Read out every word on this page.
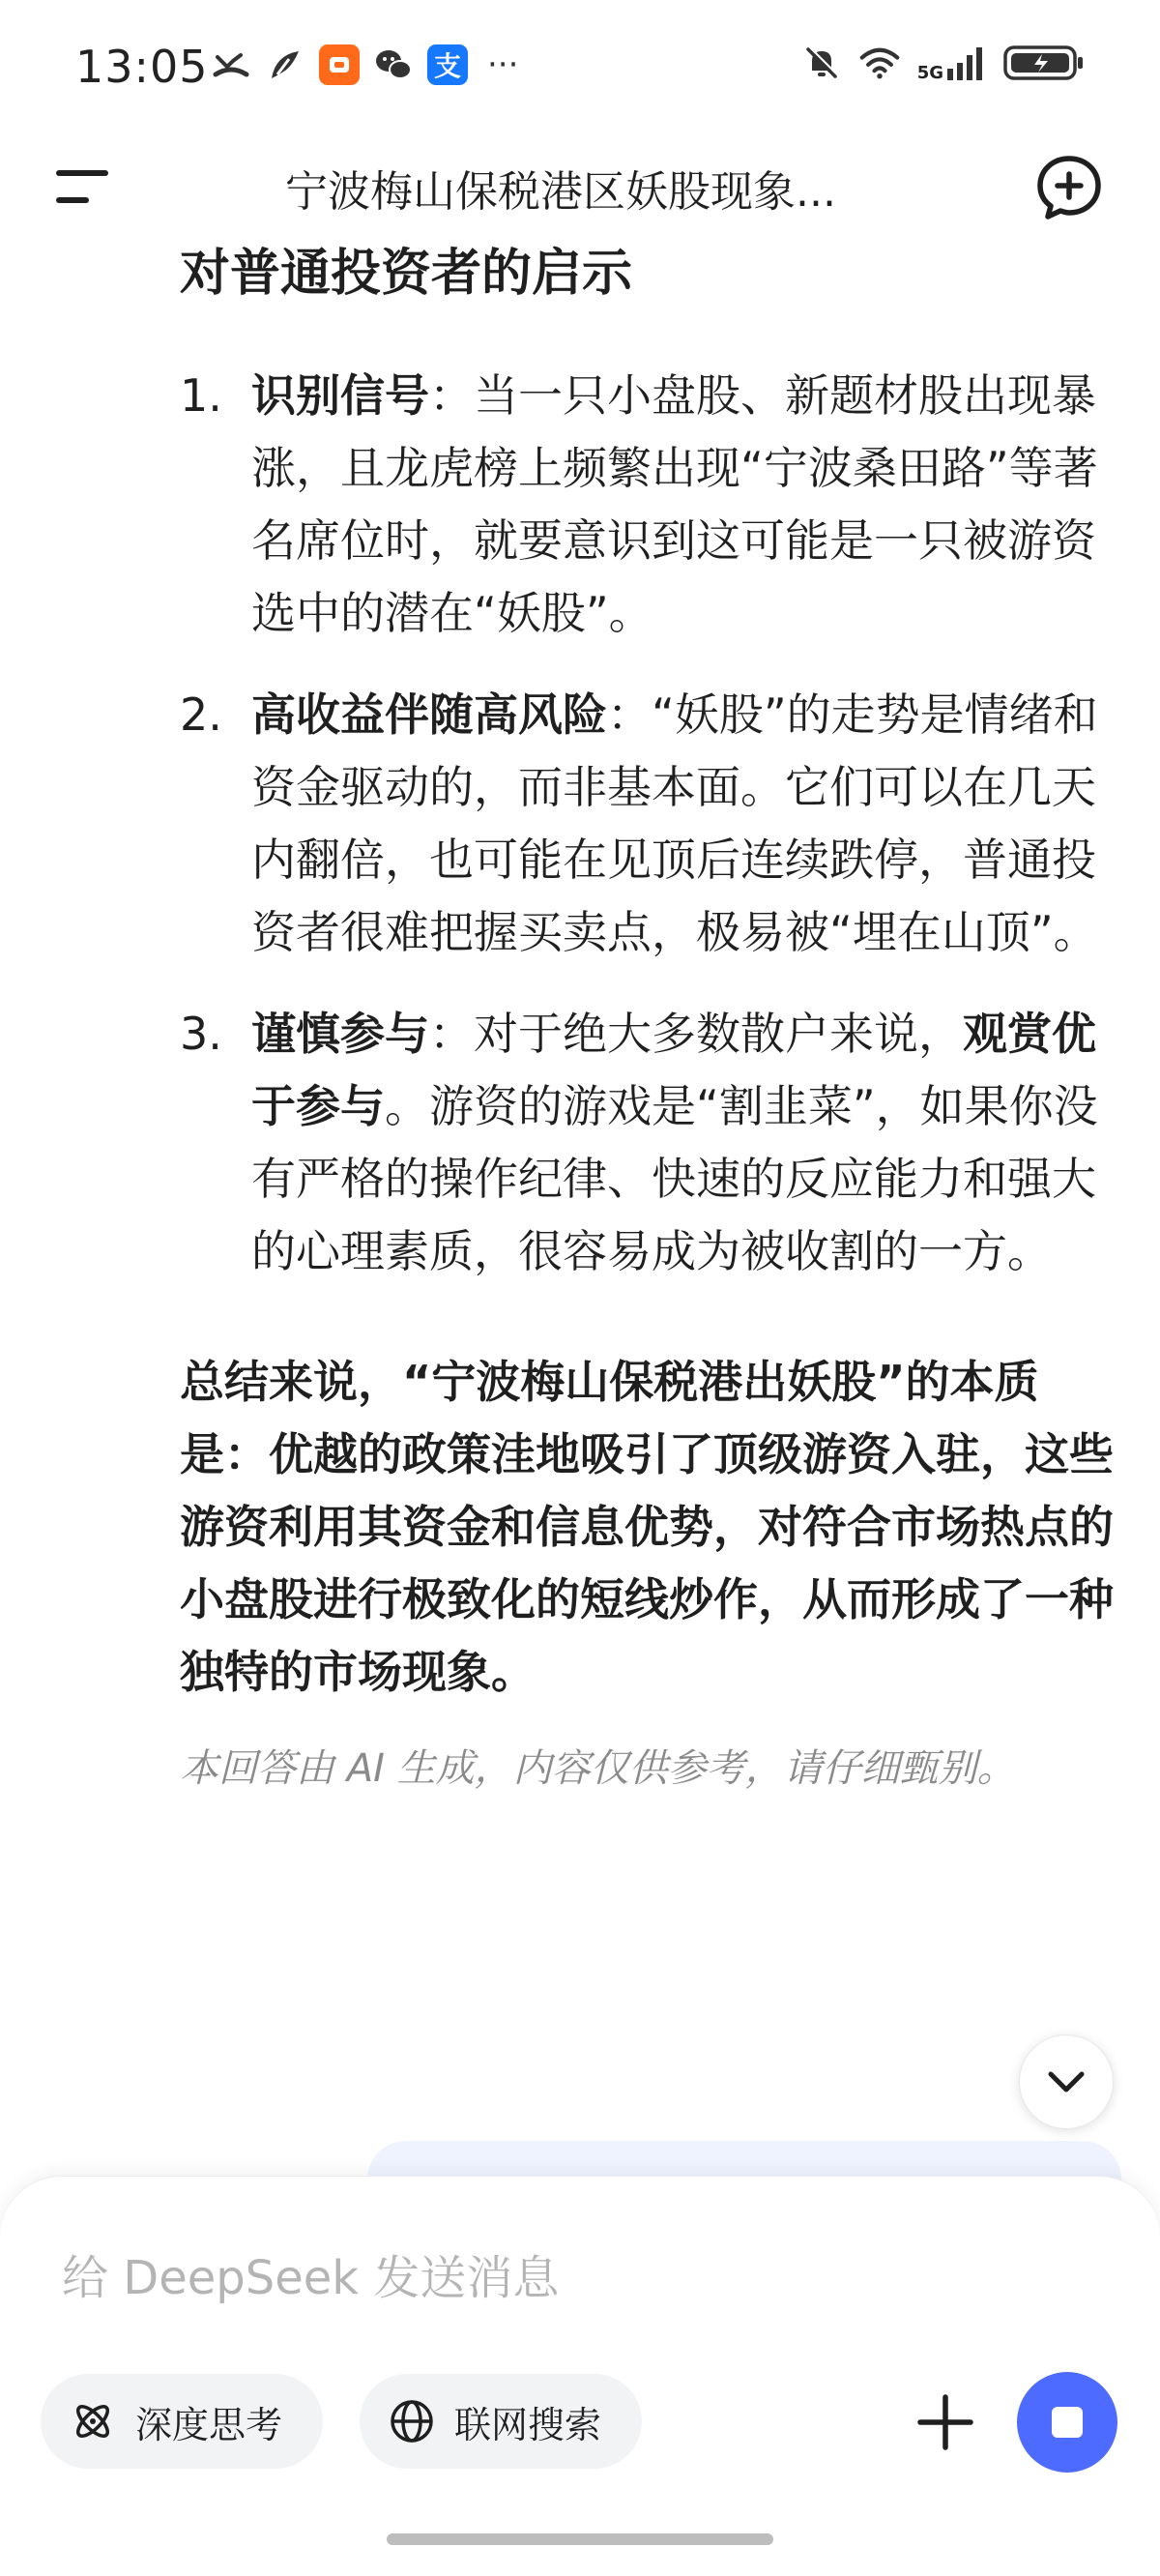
13:05	支 ···	5G
宁波梅山保税港区妖股现象...
对普通投资者的启示
1. 识别信号：当一只小盘股、新题材股出现暴涨，且龙虎榜上频繁出现“宁波桑田路”等著名席位时，就要意识到这可能是一只被游资选中的潜在“妖股”。
2. 高收益伴随高风险：“妖股”的走势是情绪和资金驱动的，而非基本面。它们可以在几天内翻倍，也可能在见顶后连续跌停，普通投资者很难把握买卖点，极易被“埋在山顶”。
3. 谨慎参与：对于绝大多数散户来说，观赏优于参与。游资的游戏是“割韭菜”，如果你没有严格的操作纪律、快速的反应能力和强大的心理素质，很容易成为被收割的一方。
总结来说，“宁波梅山保税港出妖股”的本质是：优越的政策洼地吸引了顶级游资入驻，这些游资利用其资金和信息优势，对符合市场热点的小盘股进行极致化的短线炒作，从而形成了一种独特的市场现象。
本回答由 AI 生成，内容仅供参考，请仔细甄别。
给 DeepSeek 发送消息
深度思考	联网搜索
